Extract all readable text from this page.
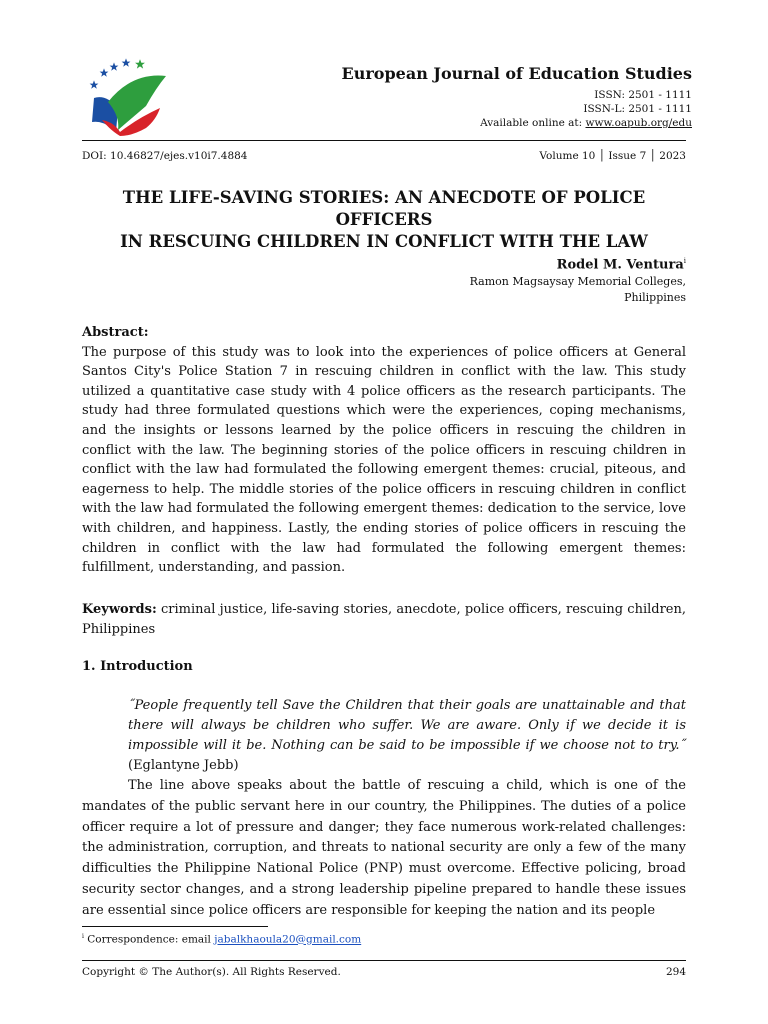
European Journal of Education Studies
ISSN: 2501 - 1111
ISSN-L: 2501 - 1111
Available online at: www.oapub.org/edu
DOI: 10.46827/ejes.v10i7.4884	Volume 10 │ Issue 7 │ 2023
THE LIFE-SAVING STORIES: AN ANECDOTE OF POLICE OFFICERS
IN RESCUING CHILDREN IN CONFLICT WITH THE LAW
Rodel M. Ventura$^i$
Ramon Magsaysay Memorial Colleges,
Philippines
Abstract:
The purpose of this study was to look into the experiences of police officers at General Santos City's Police Station 7 in rescuing children in conflict with the law. This study utilized a quantitative case study with 4 police officers as the research participants. The study had three formulated questions which were the experiences, coping mechanisms, and the insights or lessons learned by the police officers in rescuing the children in conflict with the law. The beginning stories of the police officers in rescuing children in conflict with the law had formulated the following emergent themes: crucial, piteous, and eagerness to help. The middle stories of the police officers in rescuing children in conflict with the law had formulated the following emergent themes: dedication to the service, love with children, and happiness. Lastly, the ending stories of police officers in rescuing the children in conflict with the law had formulated the following emergent themes: fulfillment, understanding, and passion.
Keywords: criminal justice, life-saving stories, anecdote, police officers, rescuing children, Philippines
1. Introduction
˝People frequently tell Save the Children that their goals are unattainable and that there will always be children who suffer. We are aware. Only if we decide it is impossible will it be. Nothing can be said to be impossible if we choose not to try.˝ (Eglantyne Jebb)
The line above speaks about the battle of rescuing a child, which is one of the mandates of the public servant here in our country, the Philippines. The duties of a police officer require a lot of pressure and danger; they face numerous work-related challenges: the administration, corruption, and threats to national security are only a few of the many difficulties the Philippine National Police (PNP) must overcome. Effective policing, broad security sector changes, and a strong leadership pipeline prepared to handle these issues are essential since police officers are responsible for keeping the nation and its people
$^i$ Correspondence: email jabalkhaoula20@gmail.com
Copyright © The Author(s). All Rights Reserved.	294
